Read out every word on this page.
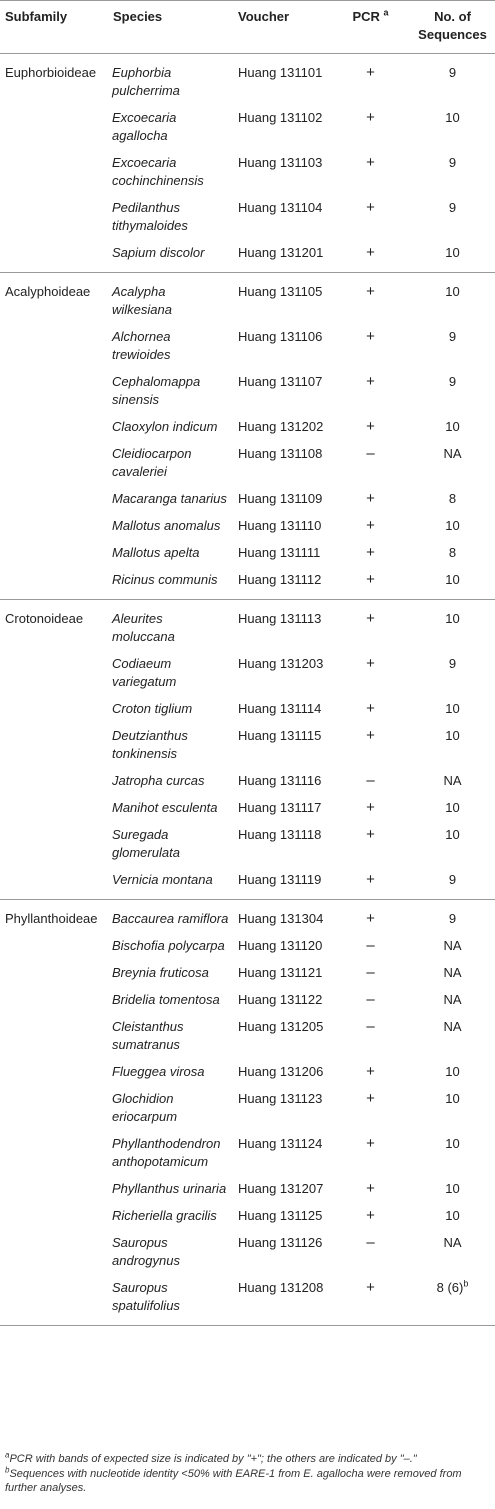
Subfamily	Species	Voucher	PCR $^a$	No. of Sequences
Euphorbioideae	Euphorbia pulcherrima	Huang 131101	+	9
	Excoecaria agallocha	Huang 131102	+	10
	Excoecaria cochinchinensis	Huang 131103	+	9
	Pedilanthus tithymaloides	Huang 131104	+	9
	Sapium discolor	Huang 131201	+	10
Acalyphoideae	Acalypha wilkesiana	Huang 131105	+	10
	Alchornea trewioides	Huang 131106	+	9
	Cephalomappa sinensis	Huang 131107	+	9
	Claoxylon indicum	Huang 131202	+	10
	Cleidiocarpon cavaleriei	Huang 131108	–	NA
	Macaranga tanarius	Huang 131109	+	8
	Mallotus anomalus	Huang 131110	+	10
	Mallotus apelta	Huang 131111	+	8
	Ricinus communis	Huang 131112	+	10
Crotonoideae	Aleurites moluccana	Huang 131113	+	10
	Codiaeum variegatum	Huang 131203	+	9
	Croton tiglium	Huang 131114	+	10
	Deutzianthus tonkinensis	Huang 131115	+	10
	Jatropha curcas	Huang 131116	–	NA
	Manihot esculenta	Huang 131117	+	10
	Suregada glomerulata	Huang 131118	+	10
	Vernicia montana	Huang 131119	+	9
Phyllanthoideae	Baccaurea ramiflora	Huang 131304	+	9
	Bischofia polycarpa	Huang 131120	–	NA
	Breynia fruticosa	Huang 131121	–	NA
	Bridelia tomentosa	Huang 131122	–	NA
	Cleistanthus sumatranus	Huang 131205	–	NA
	Flueggea virosa	Huang 131206	+	10
	Glochidion eriocarpum	Huang 131123	+	10
	Phyllanthodendron anthopotamicum	Huang 131124	+	10
	Phyllanthus urinaria	Huang 131207	+	10
	Richeriella gracilis	Huang 131125	+	10
	Sauropus androgynus	Huang 131126	–	NA
	Sauropus spatulifolius	Huang 131208	+	8 $(6)^b$
$^a$PCR with bands of expected size is indicated by "+"; the others are indicated by "–."
$^b$Sequences with nucleotide identity <50% with EARE-1 from E. agallocha were removed from further analyses.
